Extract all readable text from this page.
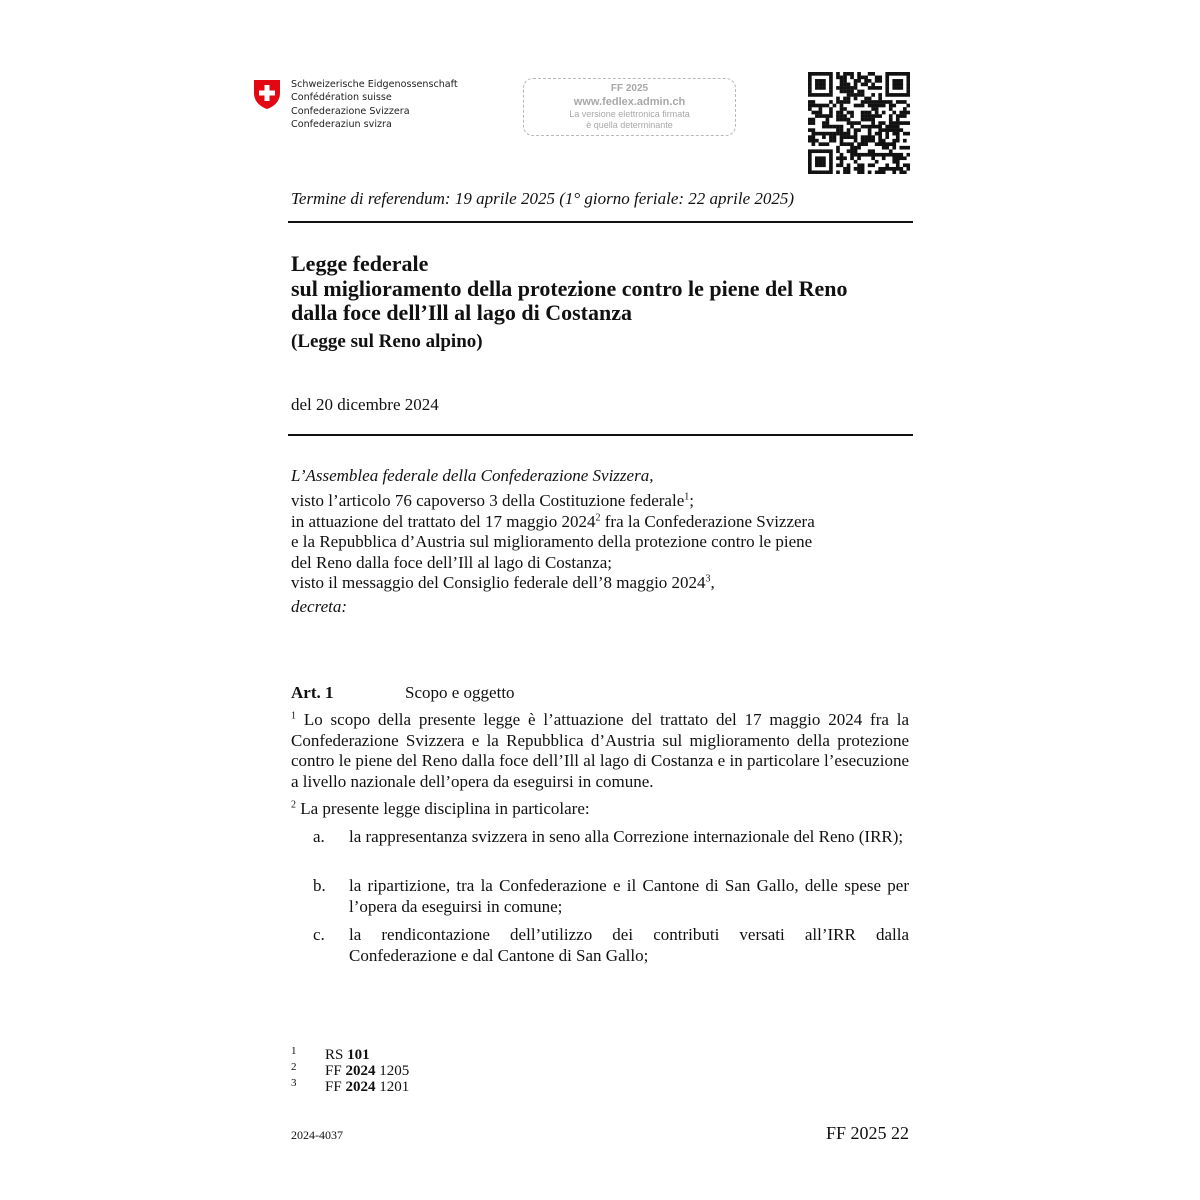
Schweizerische Eidgenossenschaft
Confédération suisse
Confederazione Svizzera
Confederaziun svizra
FF 2025
www.fedlex.admin.ch
La versione elettronica firmata
è quella determinante
Termine di referendum: 19 aprile 2025 (1° giorno feriale: 22 aprile 2025)
Legge federale
sul miglioramento della protezione contro le piene del Reno
dalla foce dell’Ill al lago di Costanza
(Legge sul Reno alpino)
del 20 dicembre 2024
L’Assemblea federale della Confederazione Svizzera,
visto l’articolo 76 capoverso 3 della Costituzione federale$^1$;
in attuazione del trattato del 17 maggio 2024$^2$ fra la Confederazione Svizzera
e la Repubblica d’Austria sul miglioramento della protezione contro le piene
del Reno dalla foce dell’Ill al lago di Costanza;
visto il messaggio del Consiglio federale dell’8 maggio 2024$^3$,
decreta:
Art. 1	Scopo e oggetto
$^1$ Lo scopo della presente legge è l’attuazione del trattato del 17 maggio 2024 fra la Confederazione Svizzera e la Repubblica d’Austria sul miglioramento della protezione contro le piene del Reno dalla foce dell’Ill al lago di Costanza e in particolare l’esecuzione a livello nazionale dell’opera da eseguirsi in comune.
$^2$ La presente legge disciplina in particolare:
a. la rappresentanza svizzera in seno alla Correzione internazionale del Reno (IRR);
b. la ripartizione, tra la Confederazione e il Cantone di San Gallo, delle spese per l’opera da eseguirsi in comune;
c. la rendicontazione dell’utilizzo dei contributi versati all’IRR dalla Confederazione e dal Cantone di San Gallo;
1 RS 101
2 FF 2024 1205
3 FF 2024 1201
2024-4037	FF 2025 22
